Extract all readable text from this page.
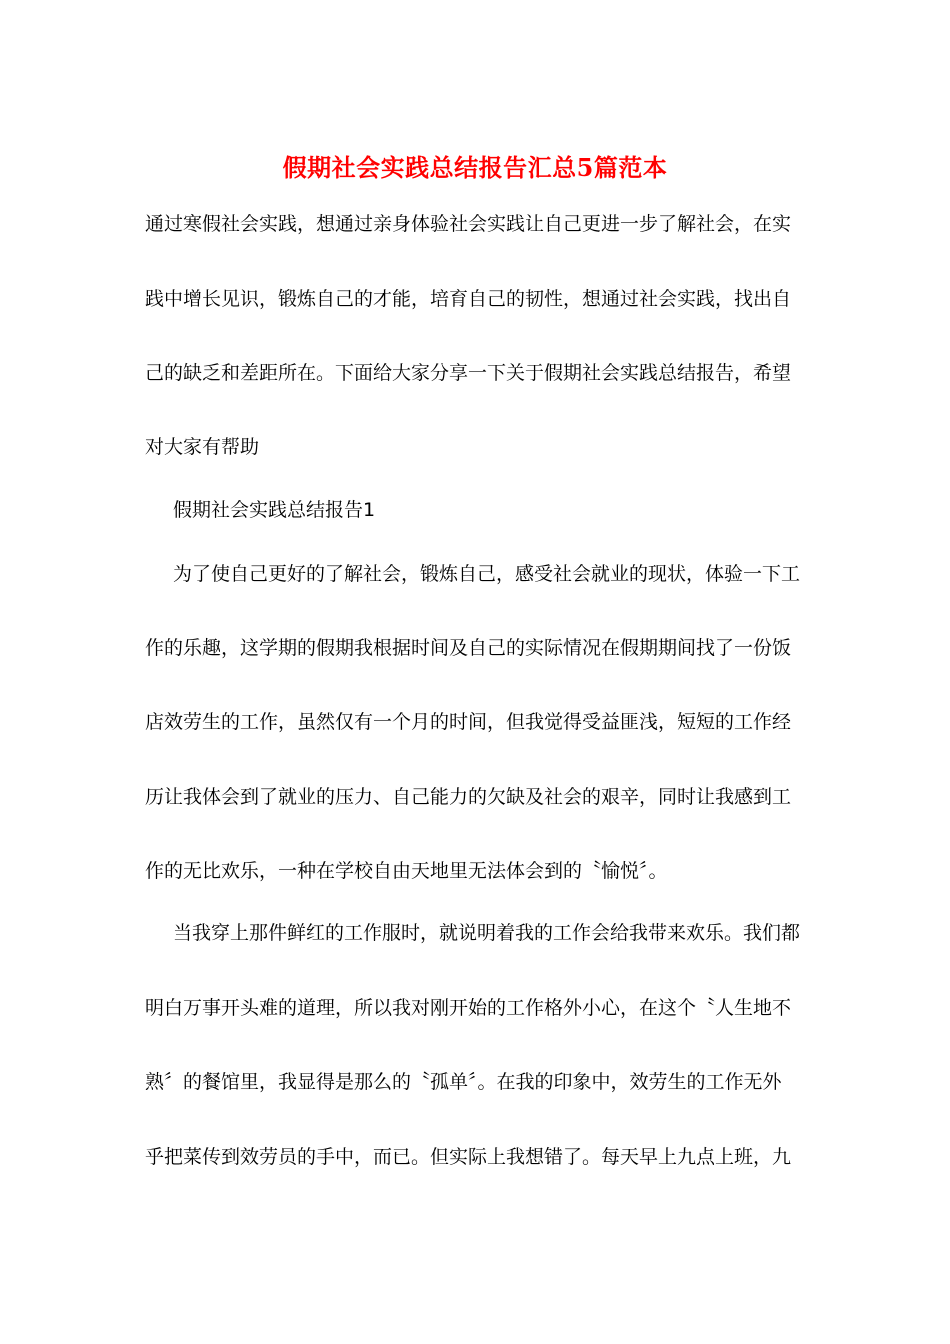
假期社会实践总结报告汇总5篇范本

通过寒假社会实践，想通过亲身体验社会实践让自己更进一步了解社会，在实

践中增长见识，锻炼自己的才能，培育自己的韧性，想通过社会实践，找出自

己的缺乏和差距所在。下面给大家分享一下关于假期社会实践总结报告，希望

对大家有帮助

假期社会实践总结报告1

为了使自己更好的了解社会，锻炼自己，感受社会就业的现状，体验一下工

作的乐趣，这学期的假期我根据时间及自己的实际情况在假期期间找了一份饭

店效劳生的工作，虽然仅有一个月的时间，但我觉得受益匪浅，短短的工作经

历让我体会到了就业的压力、自己能力的欠缺及社会的艰辛，同时让我感到工

作的无比欢乐，一种在学校自由天地里无法体会到的〝愉悦〞。

当我穿上那件鲜红的工作服时，就说明着我的工作会给我带来欢乐。我们都

明白万事开头难的道理，所以我对刚开始的工作格外小心，在这个〝人生地不

熟〞的餐馆里，我显得是那么的〝孤单〞。在我的印象中，效劳生的工作无外

乎把菜传到效劳员的手中，而已。但实际上我想错了。每天早上九点上班，九
